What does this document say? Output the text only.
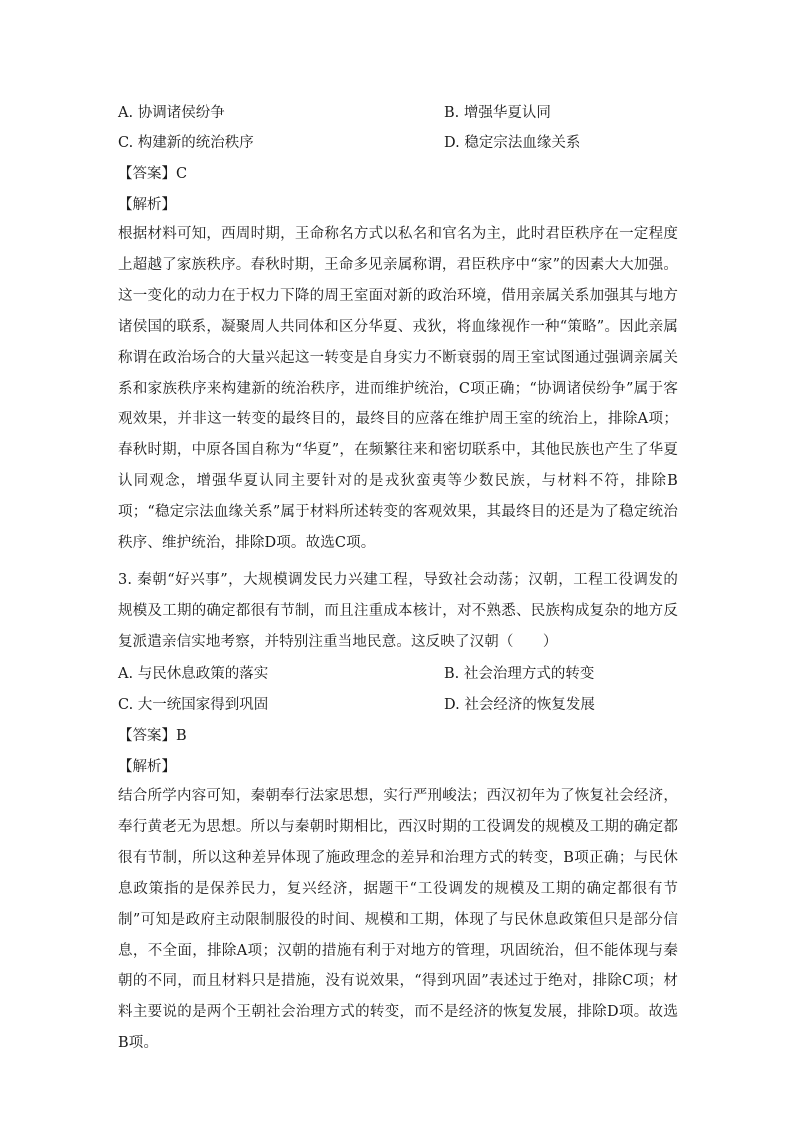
A. 协调诸侯纷争	B. 增强华夏认同
C. 构建新的统治秩序	D. 稳定宗法血缘关系
【答案】C
【解析】

根据材料可知，西周时期，王命称名方式以私名和官名为主，此时君臣秩序在一定程度上超越了家族秩序。春秋时期，王命多见亲属称谓，君臣秩序中“家”的因素大大加强。这一变化的动力在于权力下降的周王室面对新的政治环境，借用亲属关系加强其与地方诸侯国的联系，凝聚周人共同体和区分华夏、戎狄，将血缘视作一种“策略”。因此亲属称谓在政治场合的大量兴起这一转变是自身实力不断衰弱的周王室试图通过强调亲属关系和家族秩序来构建新的统治秩序，进而维护统治，C项正确；“协调诸侯纷争”属于客观效果，并非这一转变的最终目的，最终目的应落在维护周王室的统治上，排除A项；春秋时期，中原各国自称为“华夏”，在频繁往来和密切联系中，其他民族也产生了华夏认同观念，增强华夏认同主要针对的是戎狄蛮夷等少数民族，与材料不符，排除B项；“稳定宗法血缘关系”属于材料所述转变的客观效果，其最终目的还是为了稳定统治秩序、维护统治，排除D项。故选C项。

3. 秦朝“好兴事”，大规模调发民力兴建工程，导致社会动荡；汉朝，工程工役调发的规模及工期的确定都很有节制，而且注重成本核计，对不熟悉、民族构成复杂的地方反复派遣亲信实地考察，并特别注重当地民意。这反映了汉朝（　　）

A. 与民休息政策的落实	B. 社会治理方式的转变
C. 大一统国家得到巩固	D. 社会经济的恢复发展
【答案】B
【解析】

结合所学内容可知，秦朝奉行法家思想，实行严刑峻法；西汉初年为了恢复社会经济，奉行黄老无为思想。所以与秦朝时期相比，西汉时期的工役调发的规模及工期的确定都很有节制，所以这种差异体现了施政理念的差异和治理方式的转变，B项正确；与民休息政策指的是保养民力，复兴经济，据题干“工役调发的规模及工期的确定都很有节制”可知是政府主动限制服役的时间、规模和工期，体现了与民休息政策但只是部分信息，不全面，排除A项；汉朝的措施有利于对地方的管理，巩固统治，但不能体现与秦朝的不同，而且材料只是措施，没有说效果，“得到巩固”表述过于绝对，排除C项；材料主要说的是两个王朝社会治理方式的转变，而不是经济的恢复发展，排除D项。故选B项。
